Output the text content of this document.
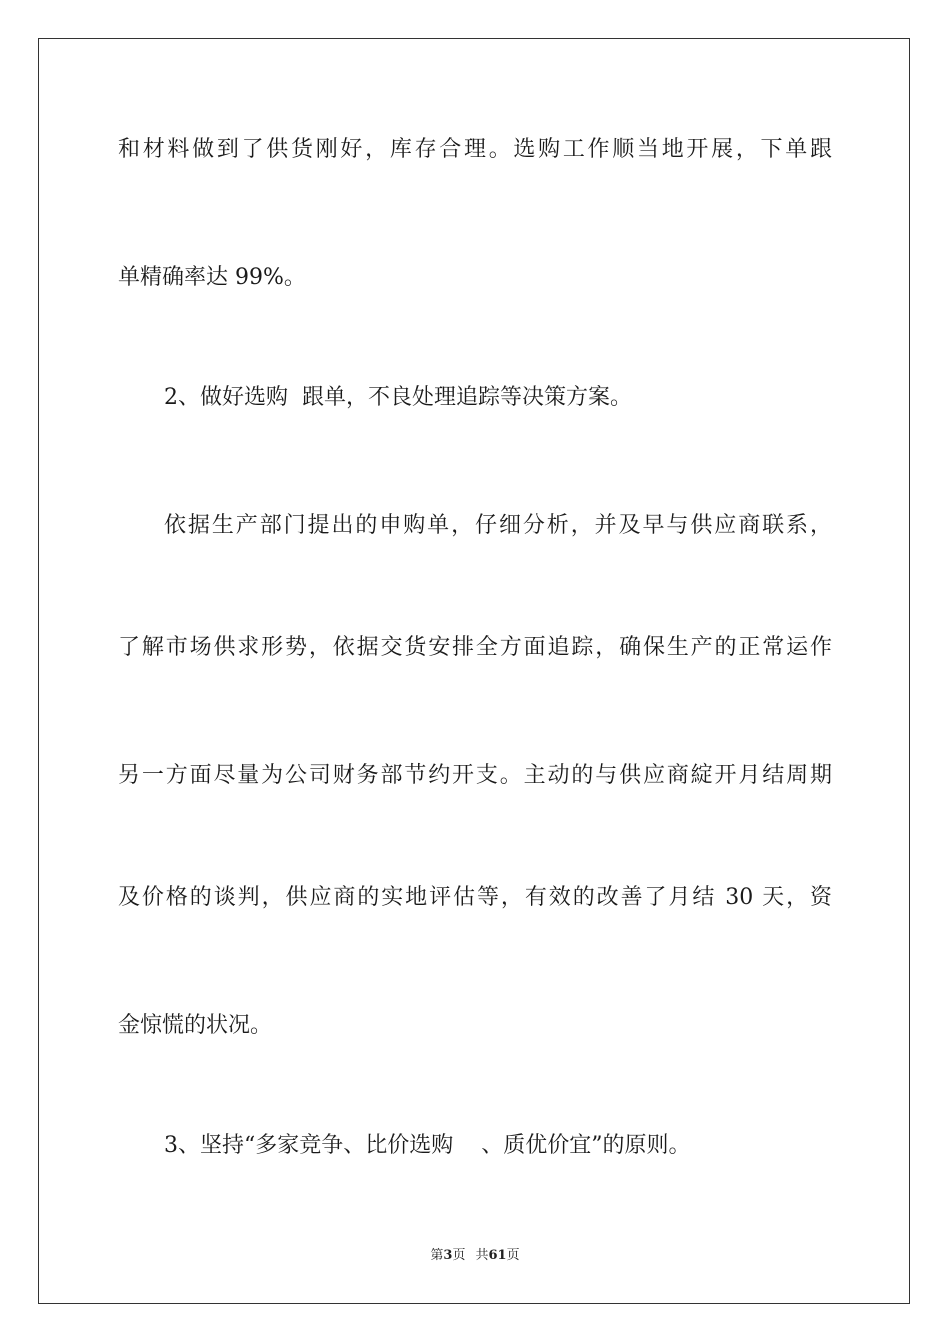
和材料做到了供货刚好，库存合理。选购工作顺当地开展，下单跟
单精确率达 99%。
2、做好选购  跟单，不良处理追踪等决策方案。
依据生产部门提出的申购单，仔细分析，并及早与供应商联系，
了解市场供求形势，依据交货安排全方面追踪，确保生产的正常运作
另一方面尽量为公司财务部节约开支。主动的与供应商綻开月结周期
及价格的谈判，供应商的实地评估等，有效的改善了月结 30 天，资
金惊慌的状况。
3、坚持“多家竞争、比价选购    、质优价宜”的原则。
第3页 共61页
